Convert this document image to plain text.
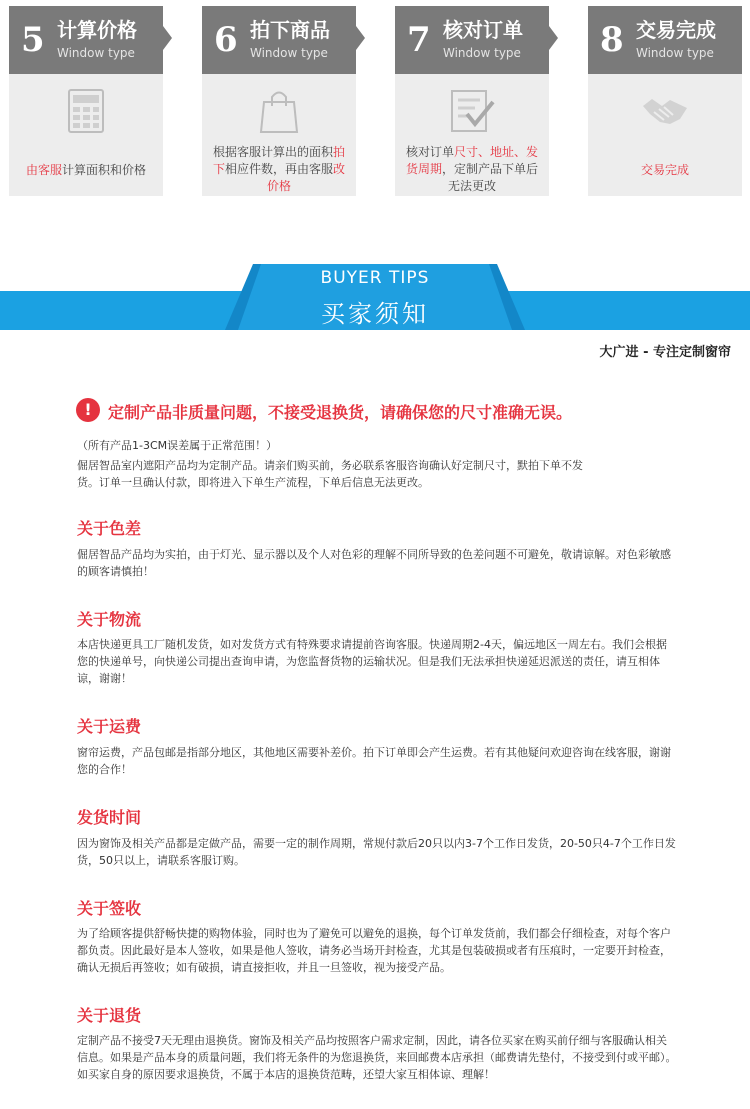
5 计算价格
Window type
由客服计算面积和价格
6 拍下商品
Window type
根据客服计算出的面积拍下相应件数，再由客服改价格
7 核对订单
Window type
核对订单尺寸、地址、发货周期，定制产品下单后无法更改
8 交易完成
Window type
交易完成
BUYER TIPS
买家须知
大广进 - 专注定制窗帘
!	定制产品非质量问题，不接受退换货，请确保您的尺寸准确无误。
（所有产品1-3CM误差属于正常范围！）
倔居智品室内遮阳产品均为定制产品。请亲们购买前，务必联系客服咨询确认好定制尺寸，默拍下单不发货。订单一旦确认付款，即将进入下单生产流程，下单后信息无法更改。
关于色差
倔居智品产品均为实拍，由于灯光、显示器以及个人对色彩的理解不同所导致的色差问题不可避免，敬请谅解。对色彩敏感的顾客请慎拍！
关于物流
本店快递更具工厂随机发货，如对发货方式有特殊要求请提前咨询客服。快递周期2-4天，偏远地区一周左右。我们会根据您的快递单号，向快递公司提出查询申请，为您监督货物的运输状况。但是我们无法承担快递延迟派送的责任，请互相体谅，谢谢！
关于运费
窗帘运费，产品包邮是指部分地区，其他地区需要补差价。拍下订单即会产生运费。若有其他疑问欢迎咨询在线客服，谢谢您的合作！
发货时间
因为窗饰及相关产品都是定做产品，需要一定的制作周期，常规付款后20只以内3-7个工作日发货，20-50只4-7个工作日发货，50只以上，请联系客服订购。
关于签收
为了给顾客提供舒畅快捷的购物体验，同时也为了避免可以避免的退换，每个订单发货前，我们都会仔细检查，对每个客户都负责。因此最好是本人签收，如果是他人签收，请务必当场开封检查，尤其是包装破损或者有压痕时，一定要开封检查，确认无损后再签收；如有破损，请直接拒收，并且一旦签收，视为接受产品。
关于退货
定制产品不接受7天无理由退换货。窗饰及相关产品均按照客户需求定制，因此，请各位买家在购买前仔细与客服确认相关信息。如果是产品本身的质量问题，我们将无条件的为您退换货，来回邮费本店承担（邮费请先垫付，不接受到付或平邮）。如买家自身的原因要求退换货，不属于本店的退换货范畴，还望大家互相体谅、理解！
